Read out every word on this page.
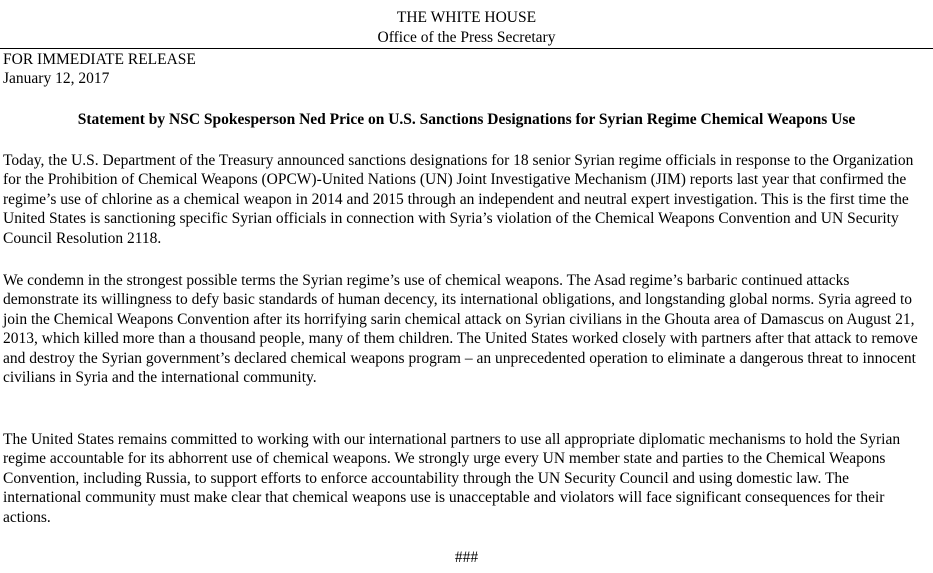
THE WHITE HOUSE
Office of the Press Secretary
FOR IMMEDIATE RELEASE
January 12, 2017
Statement by NSC Spokesperson Ned Price on U.S. Sanctions Designations for Syrian Regime Chemical Weapons Use

Today, the U.S. Department of the Treasury announced sanctions designations for 18 senior Syrian regime officials in response to the Organization for the Prohibition of Chemical Weapons (OPCW)-United Nations (UN) Joint Investigative Mechanism (JIM) reports last year that confirmed the regime’s use of chlorine as a chemical weapon in 2014 and 2015 through an independent and neutral expert investigation. This is the first time the United States is sanctioning specific Syrian officials in connection with Syria’s violation of the Chemical Weapons Convention and UN Security Council Resolution 2118.

We condemn in the strongest possible terms the Syrian regime’s use of chemical weapons. The Asad regime’s barbaric continued attacks demonstrate its willingness to defy basic standards of human decency, its international obligations, and longstanding global norms. Syria agreed to join the Chemical Weapons Convention after its horrifying sarin chemical attack on Syrian civilians in the Ghouta area of Damascus on August 21, 2013, which killed more than a thousand people, many of them children. The United States worked closely with partners after that attack to remove and destroy the Syrian government’s declared chemical weapons program – an unprecedented operation to eliminate a dangerous threat to innocent civilians in Syria and the international community.

The United States remains committed to working with our international partners to use all appropriate diplomatic mechanisms to hold the Syrian regime accountable for its abhorrent use of chemical weapons. We strongly urge every UN member state and parties to the Chemical Weapons Convention, including Russia, to support efforts to enforce accountability through the UN Security Council and using domestic law. The international community must make clear that chemical weapons use is unacceptable and violators will face significant consequences for their actions.

###
